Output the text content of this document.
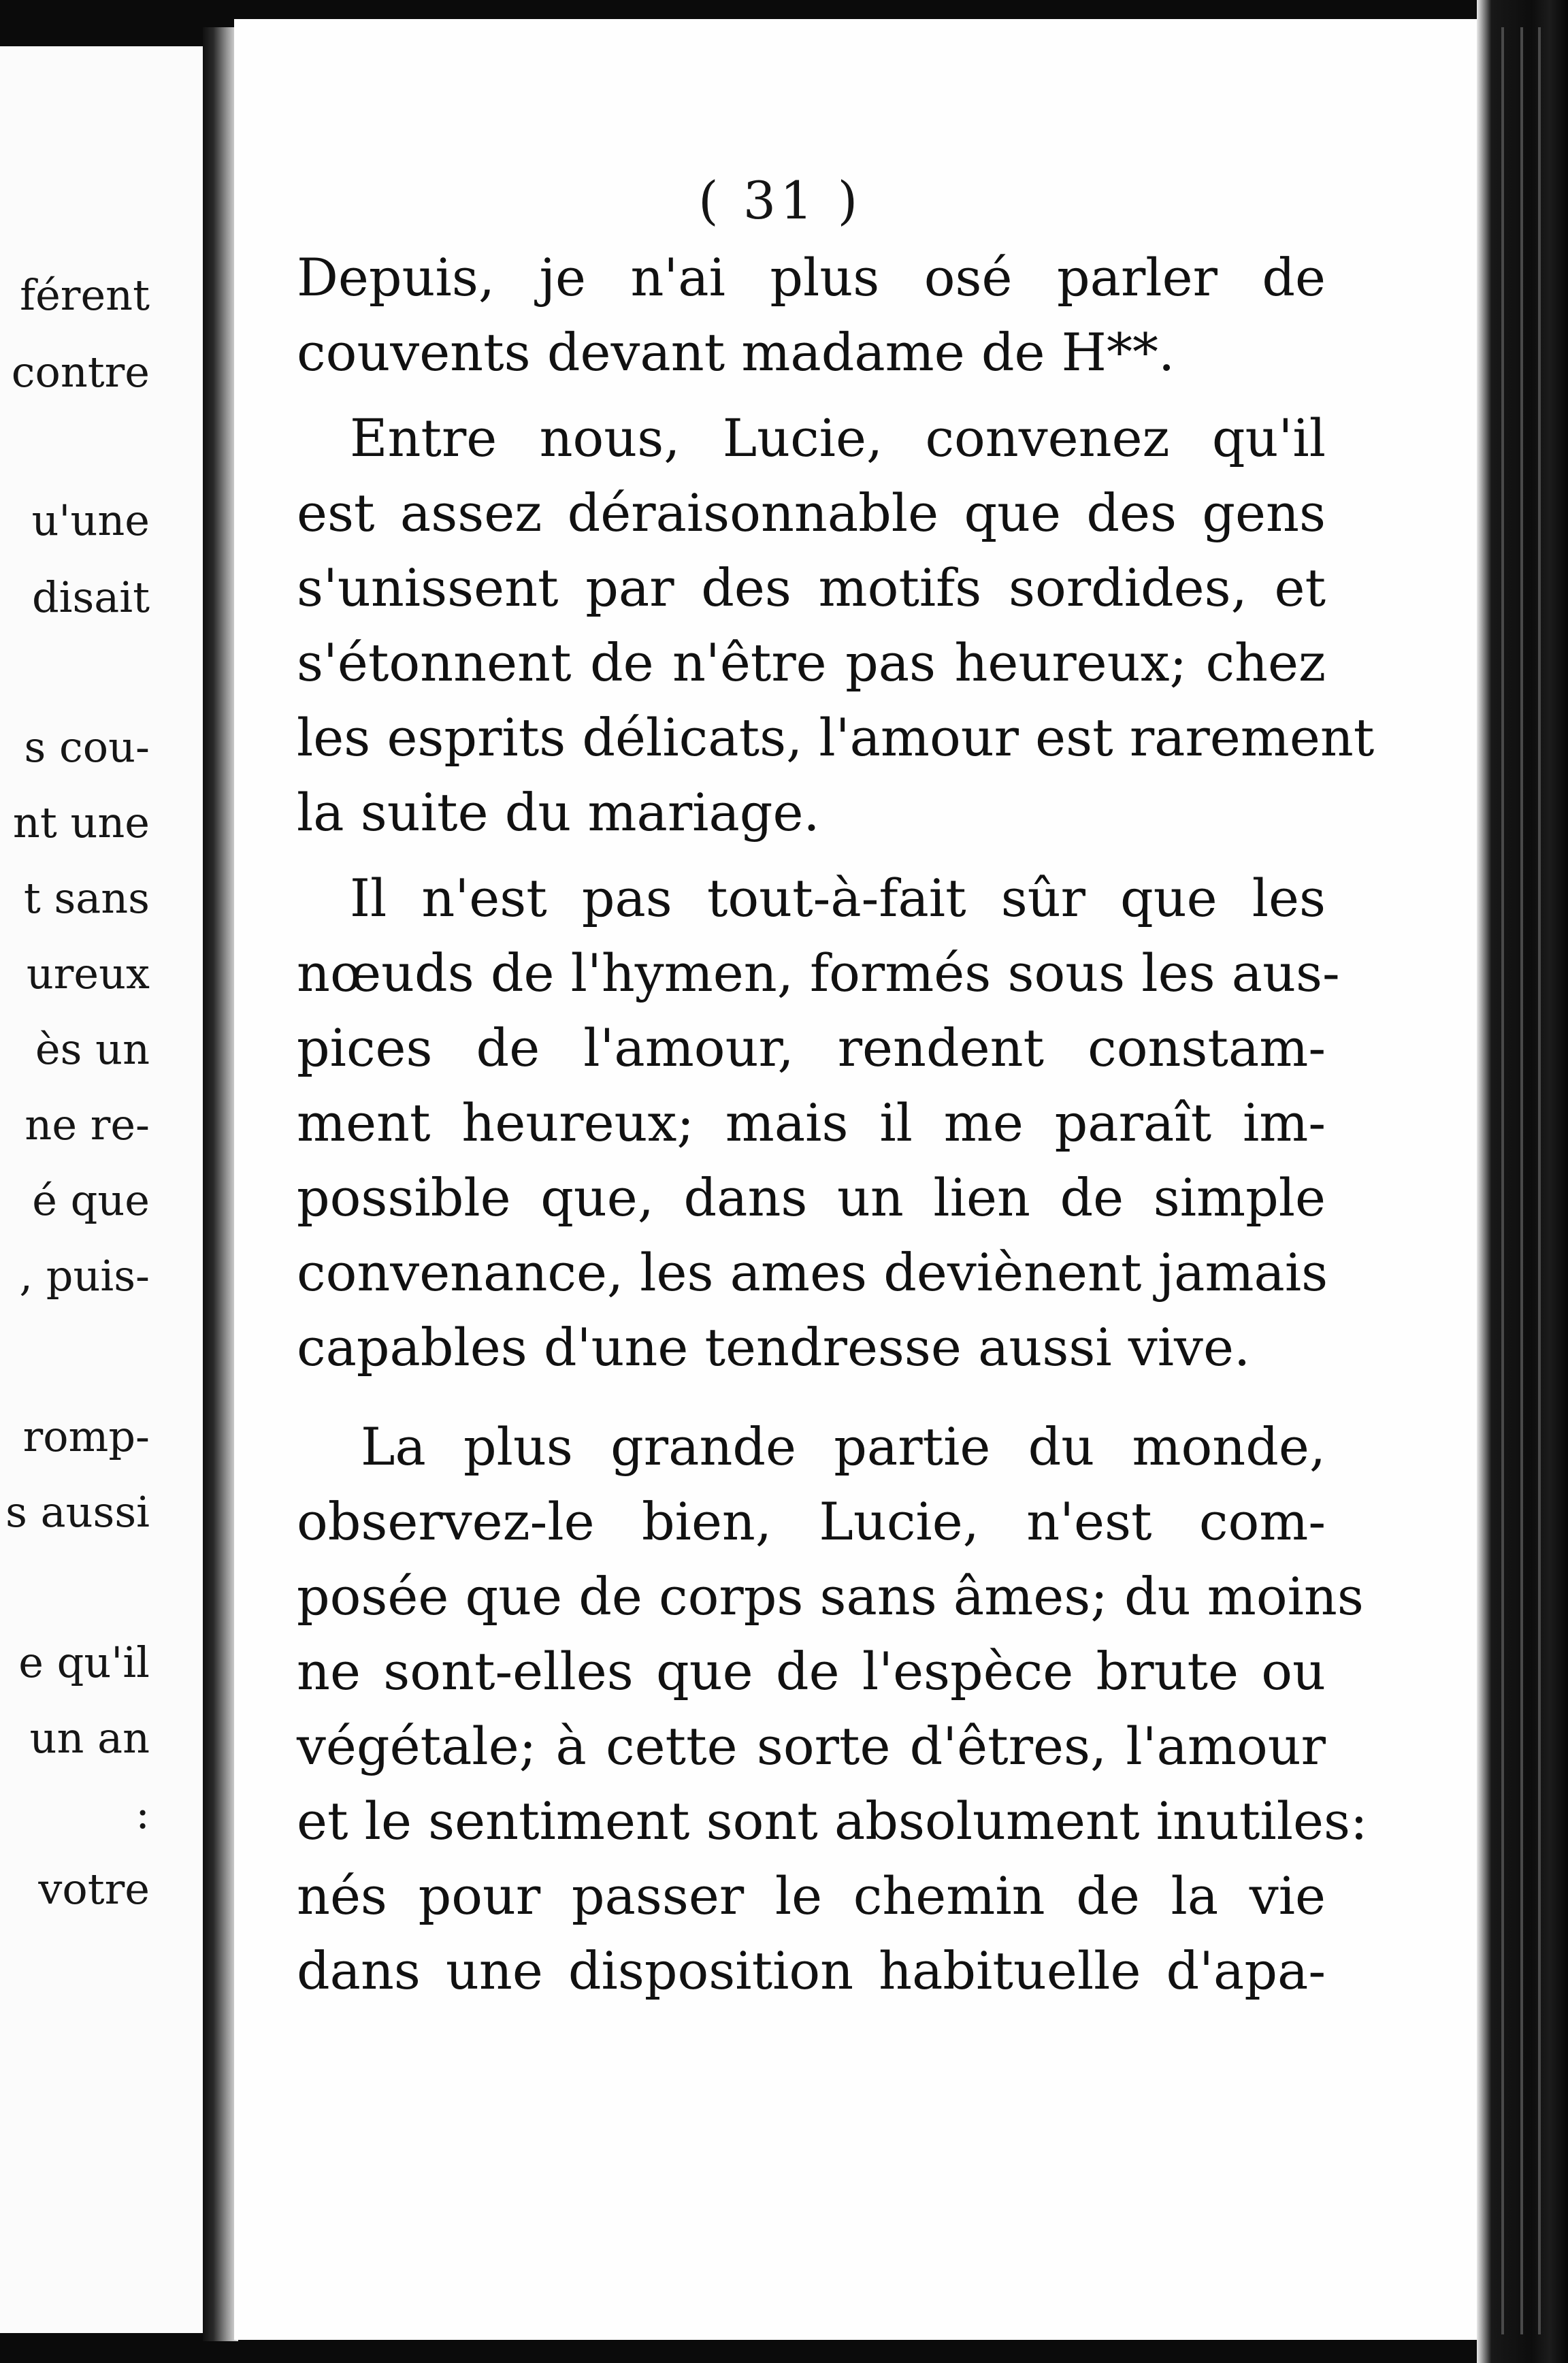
férent
contre
u'une
disait
s cou-
nt une
t sans
ureux
ès un
ne re-
é que
, puis-
romp-
s aussi
e qu'il
un an
:
votre
( 31 )
Depuis, je n'ai plus osé parler de
couvents devant madame de H**.
Entre nous, Lucie, convenez qu'il
est assez déraisonnable que des gens
s'unissent par des motifs sordides, et
s'étonnent de n'être pas heureux; chez
les esprits délicats, l'amour est rarement
la suite du mariage.
Il n'est pas tout-à-fait sûr que les
nœuds de l'hymen, formés sous les aus-
pices de l'amour, rendent constam-
ment heureux; mais il me paraît im-
possible que, dans un lien de simple
convenance, les ames deviènent jamais
capables d'une tendresse aussi vive.
La plus grande partie du monde,
observez-le bien, Lucie, n'est com-
posée que de corps sans âmes; du moins
ne sont-elles que de l'espèce brute ou
végétale; à cette sorte d'êtres, l'amour
et le sentiment sont absolument inutiles:
nés pour passer le chemin de la vie
dans une disposition habituelle d'apa-
